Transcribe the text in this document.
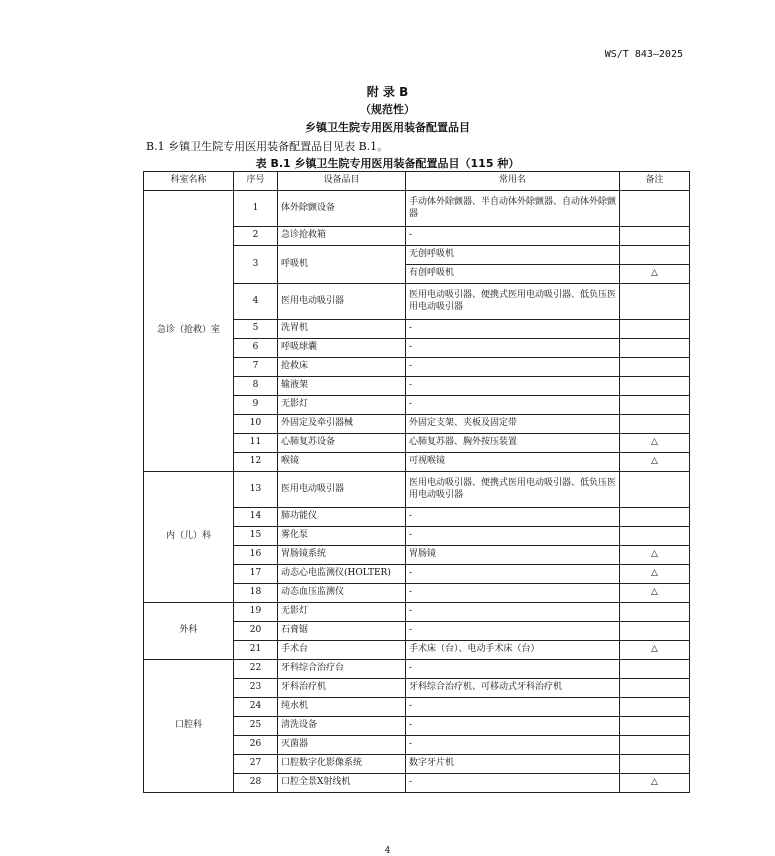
WS/T 843—2025
附 录 B
（规范性）
乡镇卫生院专用医用装备配置品目
B.1 乡镇卫生院专用医用装备配置品目见表 B.1。
表 B.1 乡镇卫生院专用医用装备配置品目（115 种）
科室名称	序号	设备品目	常用名	备注
急诊（抢救）室	1	体外除颤设备	手动体外除颤器、半自动体外除颤器、自动体外除颤器	
	2	急诊抢救箱	-	
	3	呼吸机	无创呼吸机	
			有创呼吸机	△
	4	医用电动吸引器	医用电动吸引器、便携式医用电动吸引器、低负压医用电动吸引器	
	5	洗胃机	-	
	6	呼吸球囊	-	
	7	抢救床	-	
	8	输液架	-	
	9	无影灯	-	
	10	外固定及牵引器械	外固定支架、夹板及固定带	
	11	心肺复苏设备	心肺复苏器、胸外按压装置	△
	12	喉镜	可视喉镜	△
内（儿）科	13	医用电动吸引器	医用电动吸引器、便携式医用电动吸引器、低负压医用电动吸引器	
	14	肺功能仪	-	
	15	雾化泵	-	
	16	胃肠镜系统	胃肠镜	△
	17	动态心电监测仪(HOLTER)	-	△
	18	动态血压监测仪	-	△
外科	19	无影灯	-	
	20	石膏锯	-	
	21	手术台	手术床（台）、电动手术床（台）	△
口腔科	22	牙科综合治疗台	-	
	23	牙科治疗机	牙科综合治疗机、可移动式牙科治疗机	
	24	纯水机	-	
	25	清洗设备	-	
	26	灭菌器	-	
	27	口腔数字化影像系统	数字牙片机	
	28	口腔全景X射线机	-	△
4
